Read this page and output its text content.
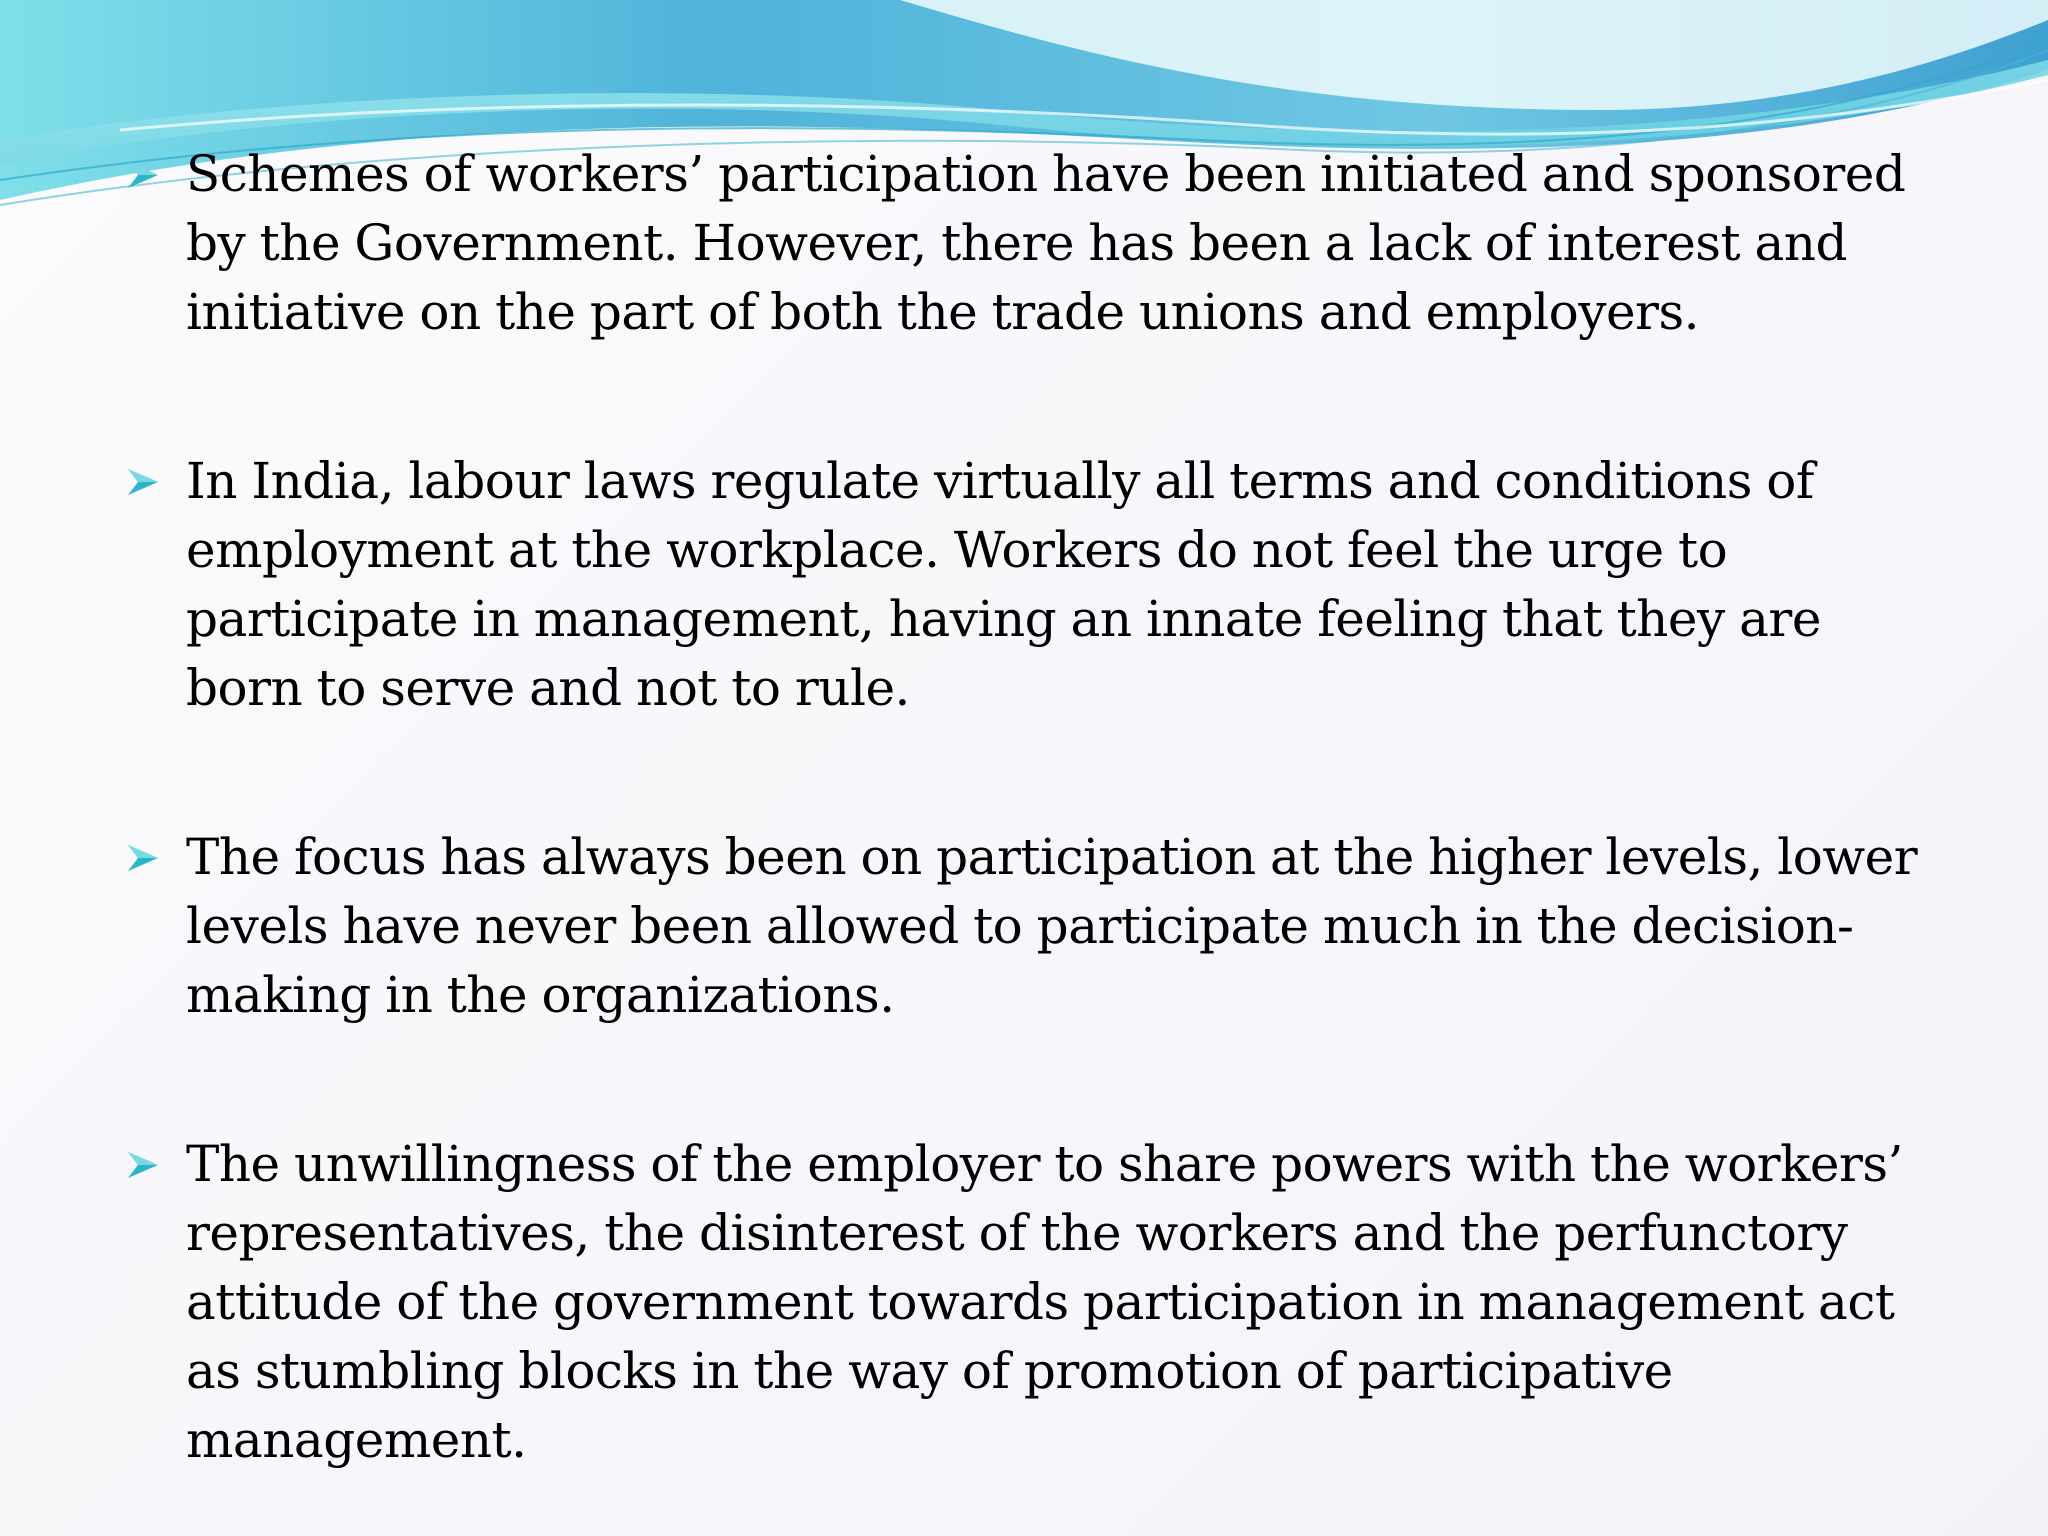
Schemes of workers’ participation have been initiated and sponsored by the Government. However, there has been a lack of interest and initiative on the part of both the trade unions and employers.
In India, labour laws regulate virtually all terms and conditions of employment at the workplace. Workers do not feel the urge to participate in management, having an innate feeling that they are born to serve and not to rule.
The focus has always been on participation at the higher levels, lower levels have never been allowed to participate much in the decision-making in the organizations.
The unwillingness of the employer to share powers with the workers’ representatives, the disinterest of the workers and the perfunctory attitude of the government towards participation in management act as stumbling blocks in the way of promotion of participative management.
